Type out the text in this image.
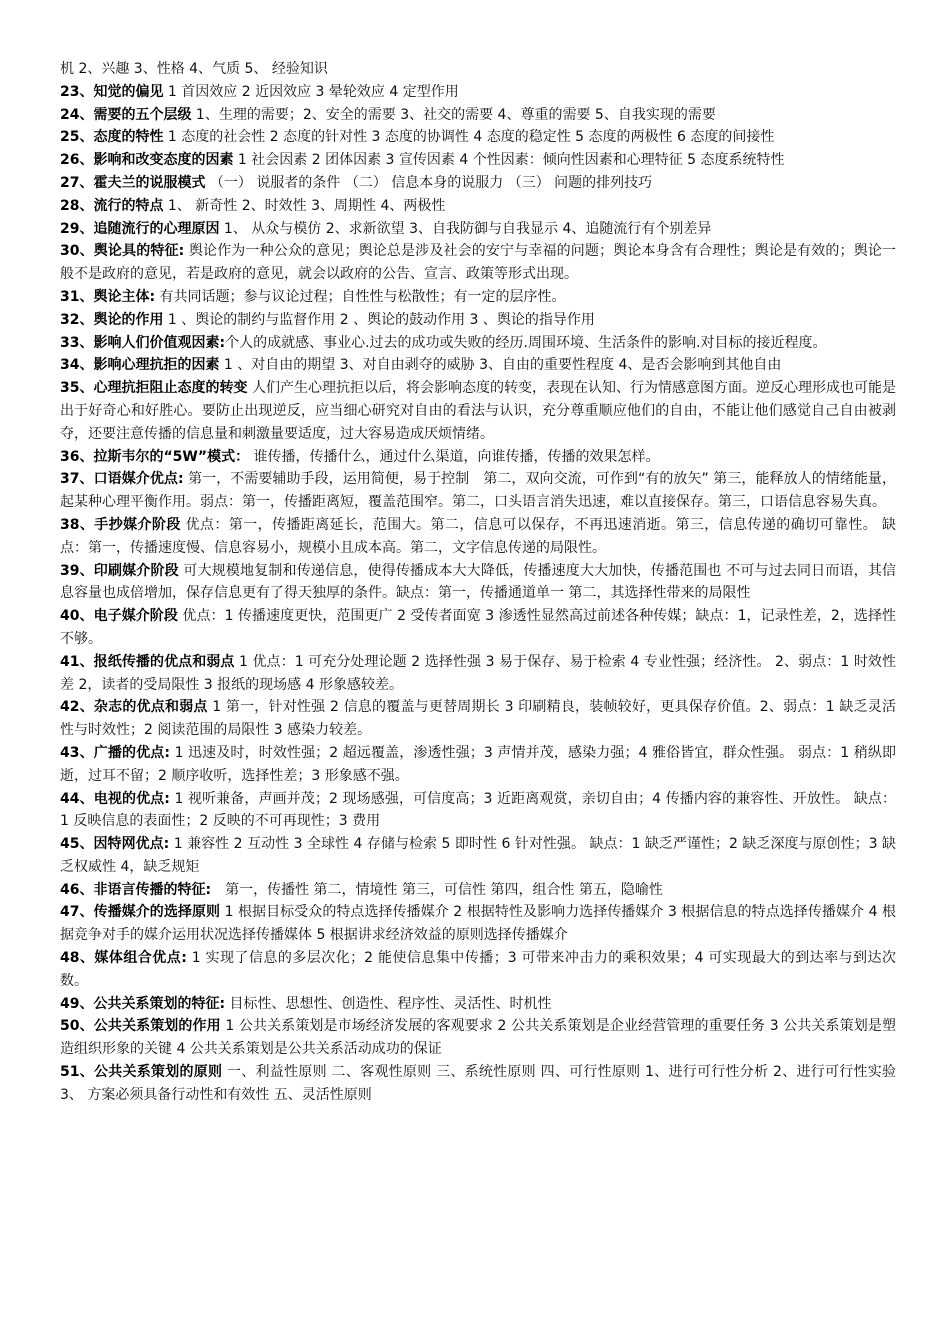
机 2、兴趣 3、性格 4、气质 5、 经验知识

23、知觉的偏见 1 首因效应 2 近因效应 3 晕轮效应 4 定型作用

24、需要的五个层级 1、生理的需要；2、安全的需要 3、社交的需要 4、尊重的需要 5、自我实现的需要

25、态度的特性 1 态度的社会性 2 态度的针对性 3 态度的协调性 4 态度的稳定性 5 态度的两极性 6 态度的间接性

26、影响和改变态度的因素 1 社会因素 2 团体因素 3 宣传因素 4 个性因素：倾向性因素和心理特征 5 态度系统特性

27、霍夫兰的说服模式 （一） 说服者的条件 （二） 信息本身的说服力 （三） 问题的排列技巧

28、流行的特点 1、 新奇性 2、时效性 3、周期性 4、两极性

29、追随流行的心理原因 1、 从众与模仿 2、求新欲望 3、自我防御与自我显示 4、追随流行有个别差异

30、舆论具的特征: 舆论作为一种公众的意见；舆论总是涉及社会的安宁与幸福的问题；舆论本身含有合理性；舆论是有效的；舆论一般不是政府的意见，若是政府的意见，就会以政府的公告、宣言、政策等形式出现。

31、舆论主体: 有共同话题；参与议论过程；自性性与松散性；有一定的层序性。

32、舆论的作用 1 、舆论的制约与监督作用 2 、舆论的鼓动作用 3 、舆论的指导作用

33、影响人们价值观因素:个人的成就感、事业心.过去的成功或失败的经历.周围环境、生活条件的影响.对目标的接近程度。

34、影响心理抗拒的因素 1 、对自由的期望 3、对自由剥夺的威胁 3、自由的重要性程度 4、是否会影响到其他自由

35、心理抗拒阻止态度的转变 人们产生心理抗拒以后，将会影响态度的转变，表现在认知、行为情感意图方面。逆反心理形成也可能是出于好奇心和好胜心。要防止出现逆反，应当细心研究对自由的看法与认识，充分尊重顺应他们的自由，不能让他们感觉自己自由被剥夺，还要注意传播的信息量和刺激量要适度，过大容易造成厌烦情绪。

36、拉斯韦尔的“5W”模式： 谁传播，传播什么，通过什么渠道，向谁传播，传播的效果怎样。

37、口语媒介优点: 第一，不需要辅助手段，运用简便，易于控制　第二，双向交流，可作到“有的放矢” 第三，能释放人的情绪能量，起某种心理平衡作用。弱点：第一，传播距离短，覆盖范围窄。第二，口头语言消失迅速，难以直接保存。第三，口语信息容易失真。

38、手抄媒介阶段 优点：第一，传播距离延长，范围大。第二，信息可以保存，不再迅速消逝。第三，信息传递的确切可靠性。 缺点：第一，传播速度慢、信息容易小，规模小且成本高。第二，文字信息传递的局限性。

39、印刷媒介阶段 可大规模地复制和传递信息，使得传播成本大大降低，传播速度大大加快，传播范围也 不可与过去同日而语，其信息容量也成倍增加，保存信息更有了得天独厚的条件。缺点：第一，传播通道单一 第二，其选择性带来的局限性

40、电子媒介阶段 优点：1 传播速度更快，范围更广 2 受传者面宽 3 渗透性显然高过前述各种传媒；缺点：1，记录性差，2，选择性不够。

41、报纸传播的优点和弱点 1 优点：1 可充分处理论题 2 选择性强 3 易于保存、易于检索 4 专业性强；经济性。 2、弱点：1 时效性差 2，读者的受局限性 3 报纸的现场感 4 形象感较差。

42、杂志的优点和弱点 1 第一，针对性强 2 信息的覆盖与更替周期长 3 印刷精良，装帧较好，更具保存价值。2、弱点：1 缺乏灵活性与时效性；2 阅读范围的局限性 3 感染力较差。

43、广播的优点: 1 迅速及时，时效性强；2 超远覆盖，渗透性强；3 声情并茂，感染力强；4 雅俗皆宜，群众性强。 弱点：1 稍纵即逝，过耳不留；2 顺序收听，选择性差；3 形象感不强。

44、电视的优点: 1 视听兼备，声画并茂；2 现场感强，可信度高；3 近距离观赏，亲切自由；4 传播内容的兼容性、开放性。 缺点：1 反映信息的表面性；2 反映的不可再现性；3 费用

45、因特网优点: 1 兼容性 2 互动性 3 全球性 4 存储与检索 5 即时性 6 针对性强。 缺点：1 缺乏严谨性；2 缺乏深度与原创性；3 缺乏权威性 4，缺乏规矩

46、非语言传播的特征:　第一，传播性 第二，情境性 第三，可信性 第四，组合性 第五，隐喻性

47、传播媒介的选择原则 1 根据目标受众的特点选择传播媒介 2 根据特性及影响力选择传播媒介 3 根据信息的特点选择传播媒介 4 根据竞争对手的媒介运用状况选择传播媒体 5 根据讲求经济效益的原则选择传播媒介

48、媒体组合优点: 1 实现了信息的多层次化；2 能使信息集中传播；3 可带来冲击力的乘积效果；4 可实现最大的到达率与到达次数。

49、公共关系策划的特征: 目标性、思想性、创造性、程序性、灵活性、时机性

50、公共关系策划的作用 1 公共关系策划是市场经济发展的客观要求 2 公共关系策划是企业经营管理的重要任务 3 公共关系策划是塑造组织形象的关键 4 公共关系策划是公共关系活动成功的保证

51、公共关系策划的原则 一、利益性原则 二、客观性原则 三、系统性原则 四、可行性原则 1、进行可行性分析 2、进行可行性实验 3、 方案必须具备行动性和有效性 五、灵活性原则
